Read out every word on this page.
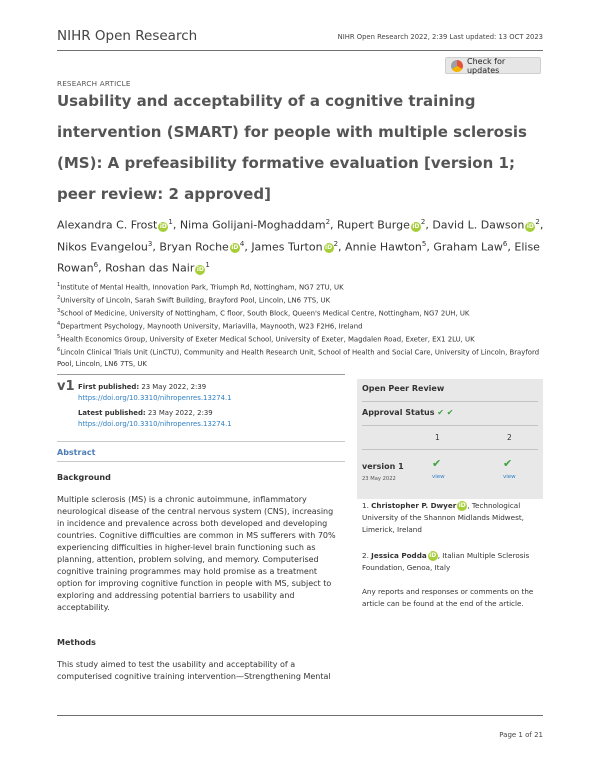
NIHR Open Research	NIHR Open Research 2022, 2:39 Last updated: 13 OCT 2023
Check for updates
RESEARCH ARTICLE
Usability and acceptability of a cognitive training intervention (SMART) for people with multiple sclerosis (MS): A prefeasibility formative evaluation [version 1; peer review: 2 approved]
Alexandra C. Frost $iD^1$, Nima Golijani-Moghaddam$^2$, Rupert Burge $iD^2$, David L. Dawson $iD^2$, Nikos Evangelou$^3$, Bryan Roche $iD^4$, James Turton $iD^2$, Annie Hawton$^5$, Graham Law$^6$, Elise Rowan$^6$, Roshan das Nair $iD^1$
$^1$Institute of Mental Health, Innovation Park, Triumph Rd, Nottingham, NG7 2TU, UK
$^2$University of Lincoln, Sarah Swift Building, Brayford Pool, Lincoln, LN6 7TS, UK
$^3$School of Medicine, University of Nottingham, C floor, South Block, Queen's Medical Centre, Nottingham, NG7 2UH, UK
$^4$Department Psychology, Maynooth University, Mariavilla, Maynooth, W23 F2H6, Ireland
$^5$Health Economics Group, University of Exeter Medical School, University of Exeter, Magdalen Road, Exeter, EX1 2LU, UK
$^6$Lincoln Clinical Trials Unit (LinCTU), Community and Health Research Unit, School of Health and Social Care, University of Lincoln, Brayford Pool, Lincoln, LN6 7TS, UK
v1 First published: 23 May 2022, 2:39
https://doi.org/10.3310/nihropenres.13274.1
Latest published: 23 May 2022, 2:39
https://doi.org/10.3310/nihropenres.13274.1
Abstract
Background
Multiple sclerosis (MS) is a chronic autoimmune, inflammatory neurological disease of the central nervous system (CNS), increasing in incidence and prevalence across both developed and developing countries. Cognitive difficulties are common in MS sufferers with 70% experiencing difficulties in higher-level brain functioning such as planning, attention, problem solving, and memory. Computerised cognitive training programmes may hold promise as a treatment option for improving cognitive function in people with MS, subject to exploring and addressing potential barriers to usability and acceptability.
Methods
This study aimed to test the usability and acceptability of a computerised cognitive training intervention—Strengthening Mental
Open Peer Review
Approval Status ✔ ✔
1	2
version 1
23 May 2022
✔
view
✔
view
1. Christopher P. Dwyer iD, Technological University of the Shannon Midlands Midwest, Limerick, Ireland
2. Jessica Podda iD, Italian Multiple Sclerosis Foundation, Genoa, Italy
Any reports and responses or comments on the article can be found at the end of the article.
Page 1 of 21
